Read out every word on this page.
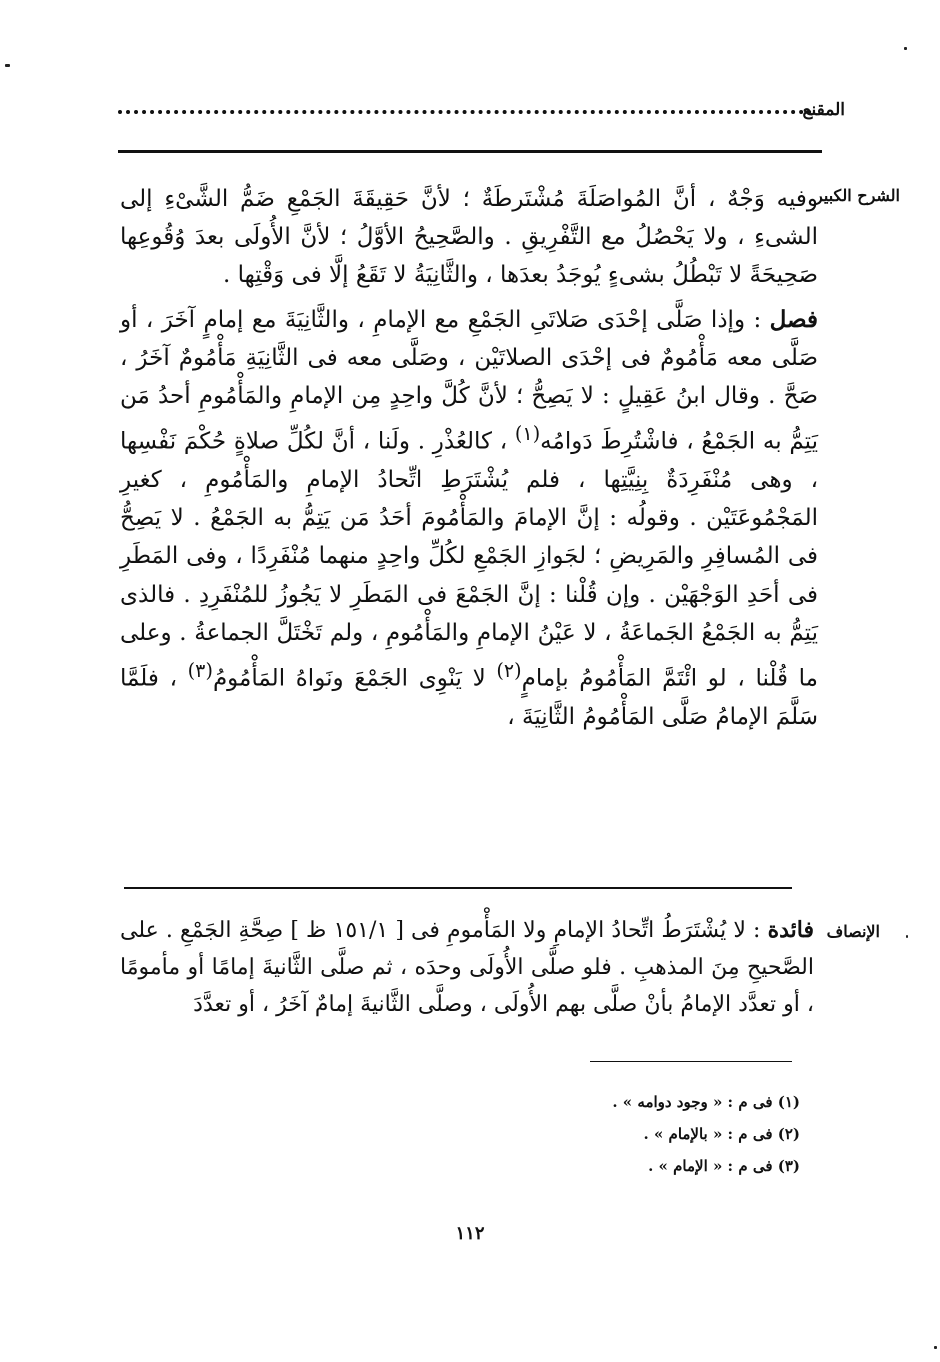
المقنع
الشرح الكبير

وفيه وَجْهٌ ، أنَّ المُواصَلَةَ مُشْتَرطَةٌ ؛ لأنَّ حَقِيقَةَ الجَمْعِ ضَمُّ الشَّىْءِ إلى الشىءِ ، ولا يَحْصُلُ مع التَّفْرِيقِ . والصَّحِيحُ الأوَّلُ ؛ لأنَّ الأُولَى بعدَ وُقُوعِها صَحِيحَةً لا تَبْطُلُ بشىءٍ يُوجَدُ بعدَها ، والثَّانِيَةُ لا تَقَعُ إلَّا فى وَقْتِها .

فصل : وإذا صَلَّى إحْدَى صَلاتَىِ الجَمْعِ مع الإمامِ ، والثَّانِيَةَ مع إمامٍ آخَرَ ، أو صَلَّى معه مَأْمُومٌ فى إحْدَى الصلاتَيْن ، وصَلَّى معه فى الثَّانِيَةِ مَأْمُومٌ آخَرُ ، صَحَّ . وقال ابنُ عَقِيلٍ : لا يَصِحُّ ؛ لأنَّ كُلَّ واحِدٍ مِن الإمامِ والمَأْمُومِ أحدُ مَن يَتِمُّ به الجَمْعُ ، فاشْتُرِطَ دَوامُه$^{(١)}$ ، كالعُذْرِ . ولَنا ، أنَّ لكُلِّ صلاةٍ حُكْمَ نَفْسِها ، وهى مُنْفَرِدَةٌ بِنِيَّتِها ، فلم يُشْتَرَطِ اتِّحادُ الإمامِ والمَأْمُومِ ، كغيرِ المَجْمُوعَتَيْن . وقولُه : إنَّ الإمامَ والمَأْمُومَ أحَدُ مَن يَتِمُّ به الجَمْعُ . لا يَصِحُّ فى المُسافِرِ والمَرِيضِ ؛ لجَوازِ الجَمْعِ لكُلِّ واحِدٍ منهما مُنْفَرِدًا ، وفى المَطَرِ فى أحَدِ الوَجْهَيْن . وإن قُلْنا : إنَّ الجَمْعَ فى المَطَرِ لا يَجُوزُ للمُنْفَرِدِ . فالذى يَتِمُّ به الجَمْعُ الجَماعَةُ ، لا عَيْنُ الإمامِ والمَأْمُومِ ، ولم تَخْتَلَّ الجماعةُ . وعلى ما قُلْنا ، لو ائْتَمَّ المَأْمُومُ بإمامٍ$^{(٢)}$ لا يَنْوِى الجَمْعَ ونَواهُ المَأْمُومُ$^{(٣)}$ ، فلَمَّا سَلَّمَ الإمامُ صَلَّى المَأْمُومُ الثَّانِيَةَ ،

الإنصاف

فائدة : لا يُشْتَرَطُ اتِّحادُ الإمامِ ولا المَأْمومِ فى [ ١٥١/١ ظ ] صِحَّةِ الجَمْعِ . على الصَّحيحِ مِنَ المذهبِ . فلو صلَّى الأُولَى وحدَه ، ثم صلَّى الثَّانيةَ إمامًا أو مأمومًا ، أو تعدَّد الإمامُ بأنْ صلَّى بهم الأُولَى ، وصلَّى الثَّانيةَ إمامٌ آخَرُ ، أو تعدَّدَ

(١) فى م : « وجود دوامه » .
(٢) فى م : « بالإمام » .
(٣) فى م : « الإمام » .
١١٢
